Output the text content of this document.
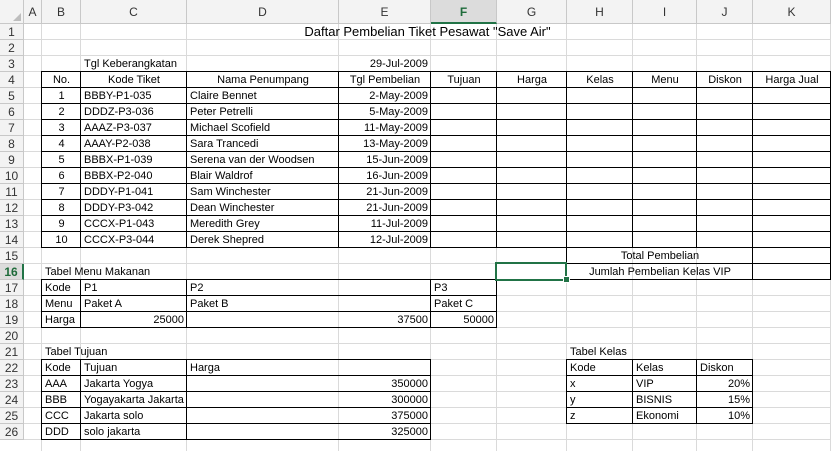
A	B	C	D	E	F	G	H	I	J	K
1
2
3
4
5
6
7
8
9
10
11
12
13
14
15
16
17
18
19
20
21
22
23
24
25
26
Daftar Pembelian Tiket Pesawat "Save Air"
Tgl Keberangkatan	29-Jul-2009
No.	Kode Tiket	Nama Penumpang	Tgl Pembelian	Tujuan	Harga	Kelas	Menu	Diskon	Harga Jual
1	BBBY-P1-035	Claire Bennet	2-May-2009
2	DDDZ-P3-036	Peter Petrelli	5-May-2009
3	AAAZ-P3-037	Michael Scofield	11-May-2009
4	AAAY-P2-038	Sara Trancedi	13-May-2009
5	BBBX-P1-039	Serena van der Woodsen	15-Jun-2009
6	BBBX-P2-040	Blair Waldrof	16-Jun-2009
7	DDDY-P1-041	Sam Winchester	21-Jun-2009
8	DDDY-P3-042	Dean Winchester	21-Jun-2009
9	CCCX-P1-043	Meredith Grey	11-Jul-2009
10	CCCX-P3-044	Derek Shepred	12-Jul-2009
Total Pembelian
Jumlah Pembelian Kelas VIP
Tabel Menu Makanan
Kode	P1	P2	P3
Menu	Paket A	Paket B	Paket C
Harga	25000	37500	50000
Tabel Tujuan
Kode	Tujuan	Harga
AAA	Jakarta Yogya	350000
BBB	Yogayakarta Jakarta	300000
CCC	Jakarta solo	375000
DDD	solo jakarta	325000
Tabel Kelas
Kode	Kelas	Diskon
x	VIP	20%
y	BISNIS	15%
z	Ekonomi	10%
